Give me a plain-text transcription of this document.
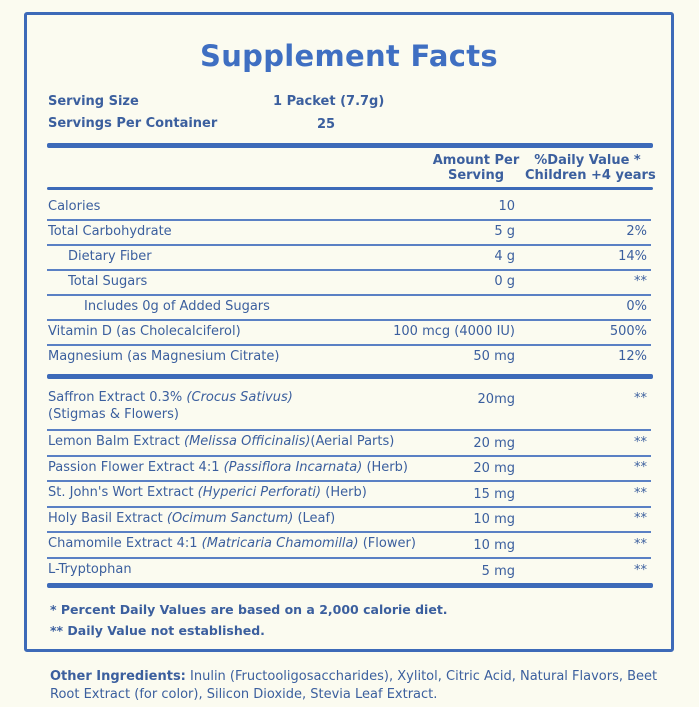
Supplement Facts
Serving Size	1 Packet (7.7g)
Servings Per Container	25
Amount Per
Serving
%Daily Value *
Children +4 years
Calories	10
Total Carbohydrate	5 g	2%
Dietary Fiber	4 g	14%
Total Sugars	0 g	**
Includes 0g of Added Sugars	0%
Vitamin D (as Cholecalciferol)	100 mcg (4000 IU)	500%
Magnesium (as Magnesium Citrate)	50 mg	12%
Saffron Extract 0.3% (Crocus Sativus)
(Stigmas & Flowers)
20mg	**
Lemon Balm Extract (Melissa Officinalis)(Aerial Parts)	20 mg	**
Passion Flower Extract 4:1 (Passiflora Incarnata) (Herb)	20 mg	**
St. John's Wort Extract (Hyperici Perforati) (Herb)	15 mg	**
Holy Basil Extract (Ocimum Sanctum) (Leaf)	10 mg	**
Chamomile Extract 4:1 (Matricaria Chamomilla) (Flower)	10 mg	**
L-Tryptophan	5 mg	**
* Percent Daily Values are based on a 2,000 calorie diet.
** Daily Value not established.
Other Ingredients: Inulin (Fructooligosaccharides), Xylitol, Citric Acid, Natural Flavors, Beet Root Extract (for color), Silicon Dioxide, Stevia Leaf Extract.
